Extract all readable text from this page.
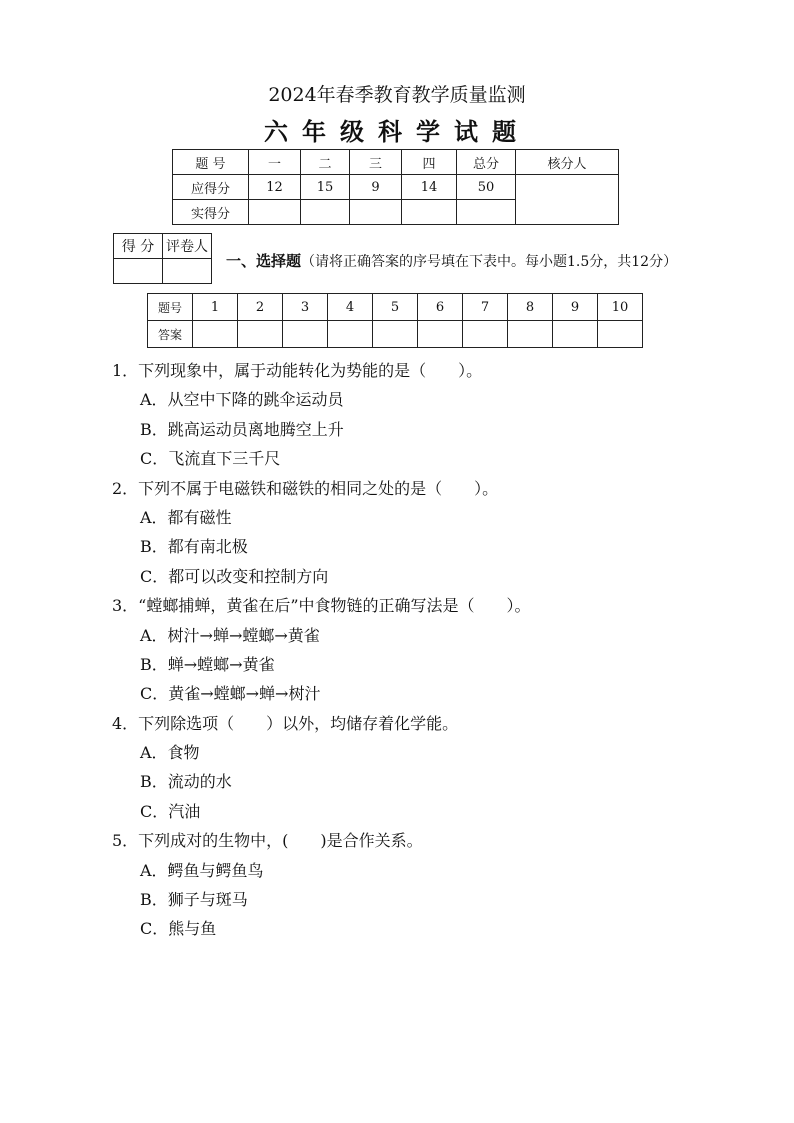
2024年春季教育教学质量监测
六年级科学试题
题 号	一	二	三	四	总分	核分人
应得分	12	15	9	14	50	
实得分						
得 分	评卷人

一、选择题（请将正确答案的序号填在下表中。每小题1.5分，共12分）
题号	1	2	3	4	5	6	7	8	9	10
答案										
1．下列现象中，属于动能转化为势能的是（　　）。
A．从空中下降的跳伞运动员
B．跳高运动员离地腾空上升
C．飞流直下三千尺
2．下列不属于电磁铁和磁铁的相同之处的是（　　）。
A．都有磁性
B．都有南北极
C．都可以改变和控制方向
3．“螳螂捕蝉，黄雀在后”中食物链的正确写法是（　　）。
A．树汁→蝉→螳螂→黄雀
B．蝉→螳螂→黄雀
C．黄雀→螳螂→蝉→树汁
4．下列除选项（　　）以外，均储存着化学能。
A．食物
B．流动的水
C．汽油
5．下列成对的生物中，(　　)是合作关系。
A．鳄鱼与鳄鱼鸟
B．狮子与斑马
C．熊与鱼
